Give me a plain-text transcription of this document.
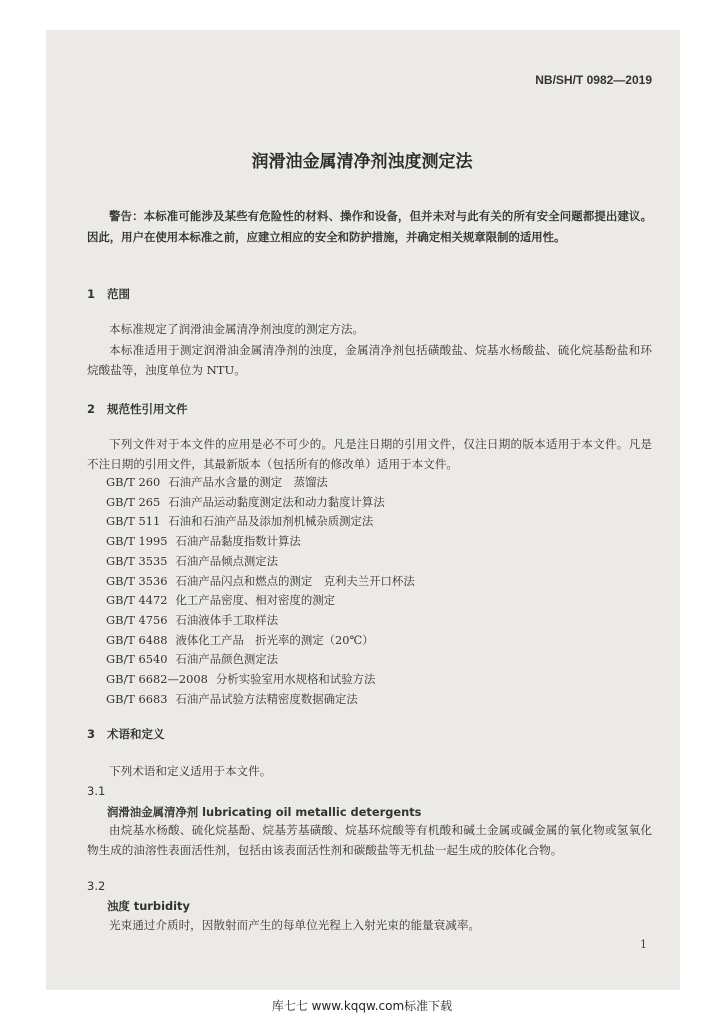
NB/SH/T 0982—2019
润滑油金属清净剂浊度测定法
警告：本标准可能涉及某些有危险性的材料、操作和设备，但并未对与此有关的所有安全问题都提出建议。因此，用户在使用本标准之前，应建立相应的安全和防护措施，并确定相关规章限制的适用性。
1 范围
本标准规定了润滑油金属清净剂浊度的测定方法。
本标准适用于测定润滑油金属清净剂的浊度，金属清净剂包括磺酸盐、烷基水杨酸盐、硫化烷基酚盐和环烷酸盐等，浊度单位为 NTU。
2 规范性引用文件
下列文件对于本文件的应用是必不可少的。凡是注日期的引用文件，仅注日期的版本适用于本文件。凡是不注日期的引用文件，其最新版本（包括所有的修改单）适用于本文件。
GB/T 260 石油产品水含量的测定　蒸馏法
GB/T 265 石油产品运动黏度测定法和动力黏度计算法
GB/T 511 石油和石油产品及添加剂机械杂质测定法
GB/T 1995 石油产品黏度指数计算法
GB/T 3535 石油产品倾点测定法
GB/T 3536 石油产品闪点和燃点的测定　克利夫兰开口杯法
GB/T 4472 化工产品密度、相对密度的测定
GB/T 4756 石油液体手工取样法
GB/T 6488 液体化工产品　折光率的测定（20℃）
GB/T 6540 石油产品颜色测定法
GB/T 6682—2008 分析实验室用水规格和试验方法
GB/T 6683 石油产品试验方法精密度数据确定法
3 术语和定义
下列术语和定义适用于本文件。
3.1
润滑油金属清净剂 lubricating oil metallic detergents
由烷基水杨酸、硫化烷基酚、烷基芳基磺酸、烷基环烷酸等有机酸和碱土金属或碱金属的氧化物或氢氧化物生成的油溶性表面活性剂，包括由该表面活性剂和碳酸盐等无机盐一起生成的胶体化合物。
3.2
浊度 turbidity
光束通过介质时，因散射而产生的每单位光程上入射光束的能量衰减率。
1
库七七 www.kqqw.com标准下载
